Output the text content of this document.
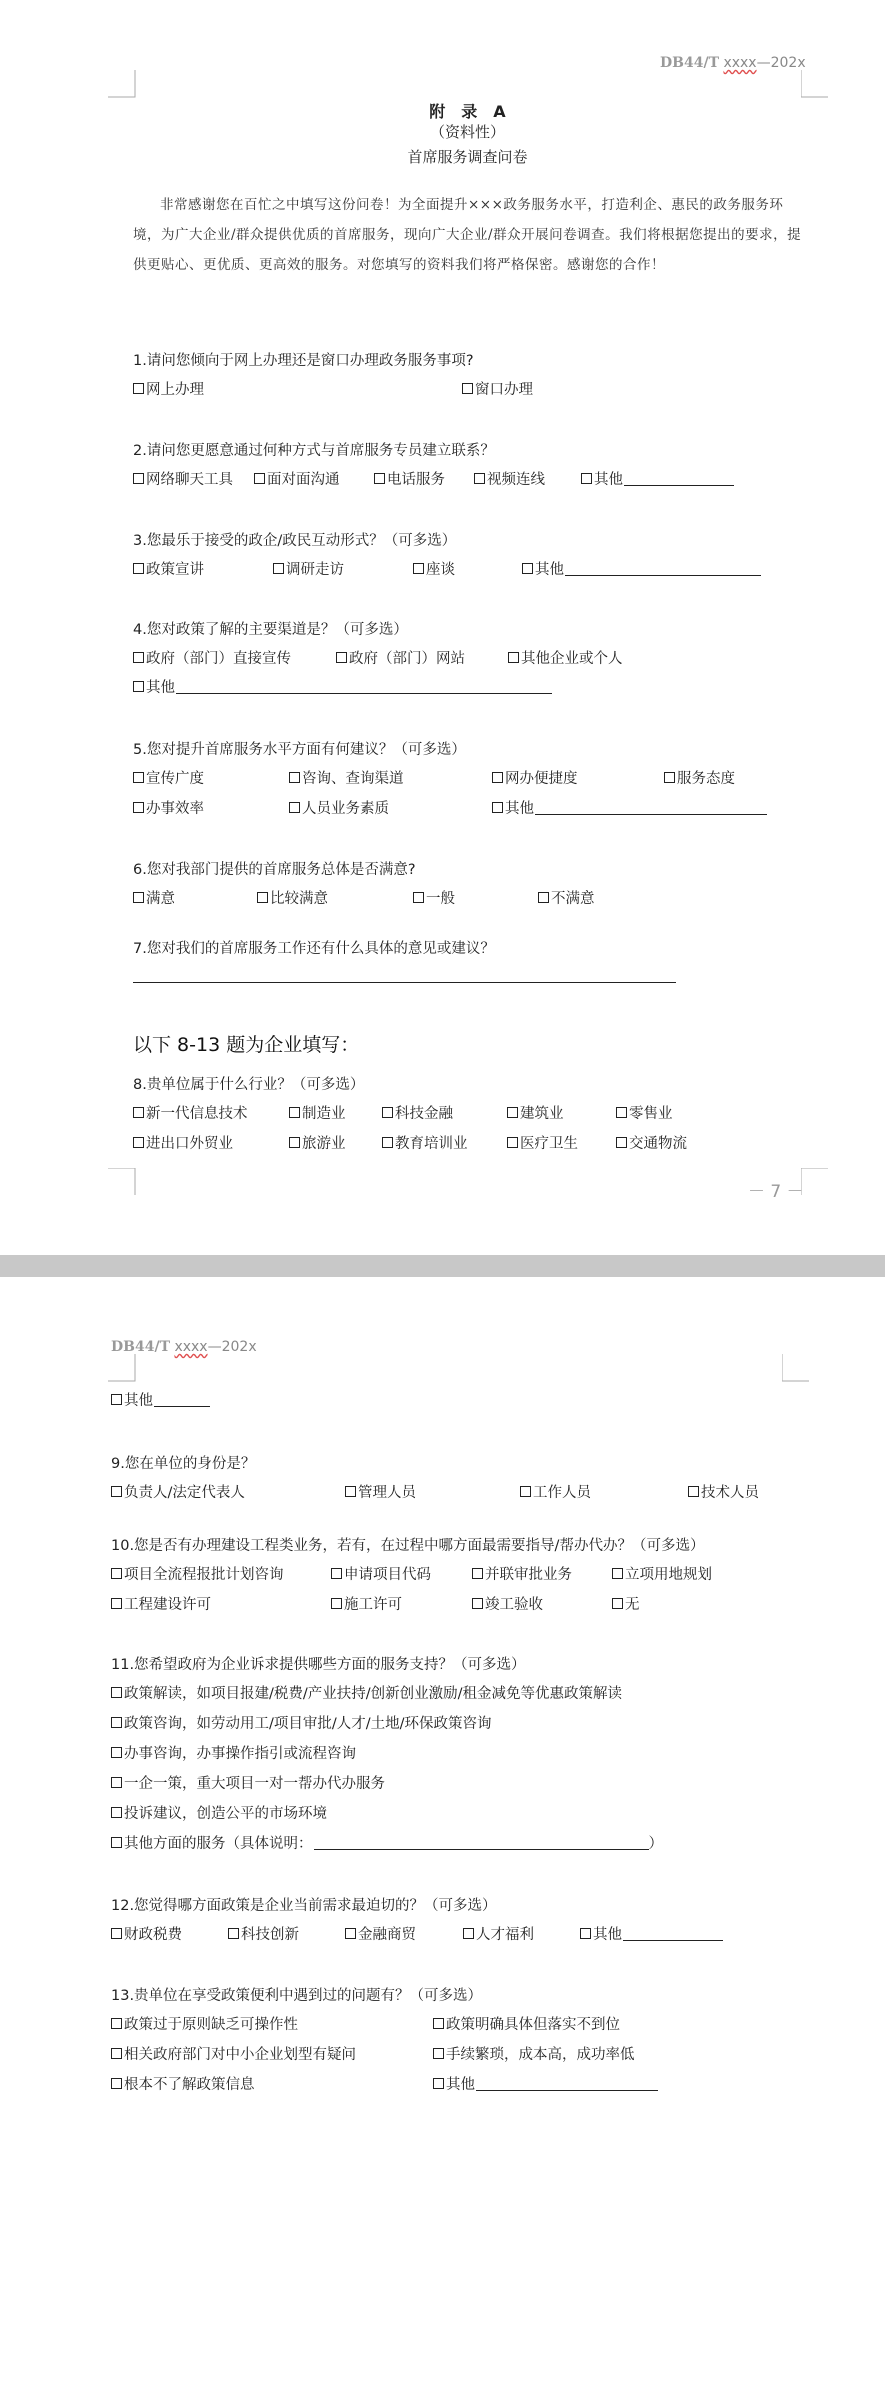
DB44/T xxxx—202x
附　录　A
（资料性）
首席服务调查问卷
非常感谢您在百忙之中填写这份问卷！为全面提升×××政务服务水平，打造利企、惠民的政务服务环境，为广大企业/群众提供优质的首席服务，现向广大企业/群众开展问卷调查。我们将根据您提出的要求，提供更贴心、更优质、更高效的服务。对您填写的资料我们将严格保密。感谢您的合作！
1.请问您倾向于网上办理还是窗口办理政务服务事项?
网上办理	窗口办理
2.请问您更愿意通过何种方式与首席服务专员建立联系？
网络聊天工具 面对面沟通	电话服务	视频连线	其他
3.您最乐于接受的政企/政民互动形式？（可多选）
政策宣讲	调研走访	座谈	其他
4.您对政策了解的主要渠道是？（可多选）
政府（部门）直接宣传	政府（部门）网站	其他企业或个人
其他
5.您对提升首席服务水平方面有何建议？（可多选）
宣传广度	咨询、查询渠道	网办便捷度	服务态度
办事效率	人员业务素质	其他
6.您对我部门提供的首席服务总体是否满意?
满意	比较满意	一般	不满意
7.您对我们的首席服务工作还有什么具体的意见或建议？
以下 8-13 题为企业填写：
8.贵单位属于什么行业？（可多选）
新一代信息技术	制造业	科技金融	建筑业	零售业
进出口外贸业	旅游业	教育培训业	医疗卫生	交通物流
－ 7 －
DB44/T xxxx—202x
其他
9.您在单位的身份是？
负责人/法定代表人	管理人员	工作人员	技术人员
10.您是否有办理建设工程类业务，若有，在过程中哪方面最需要指导/帮办代办？（可多选）
项目全流程报批计划咨询	申请项目代码	并联审批业务	立项用地规划
工程建设许可	施工许可	竣工验收	无
11.您希望政府为企业诉求提供哪些方面的服务支持？（可多选）
政策解读，如项目报建/税费/产业扶持/创新创业激励/租金减免等优惠政策解读
政策咨询，如劳动用工/项目审批/人才/土地/环保政策咨询
办事咨询，办事操作指引或流程咨询
一企一策，重大项目一对一帮办代办服务
投诉建议，创造公平的市场环境
其他方面的服务（具体说明：	）
12.您觉得哪方面政策是企业当前需求最迫切的？（可多选）
财政税费	科技创新	金融商贸	人才福利	其他
13.贵单位在享受政策便利中遇到过的问题有？（可多选）
政策过于原则缺乏可操作性	政策明确具体但落实不到位
相关政府部门对中小企业划型有疑问	手续繁琐，成本高，成功率低
根本不了解政策信息	其他
